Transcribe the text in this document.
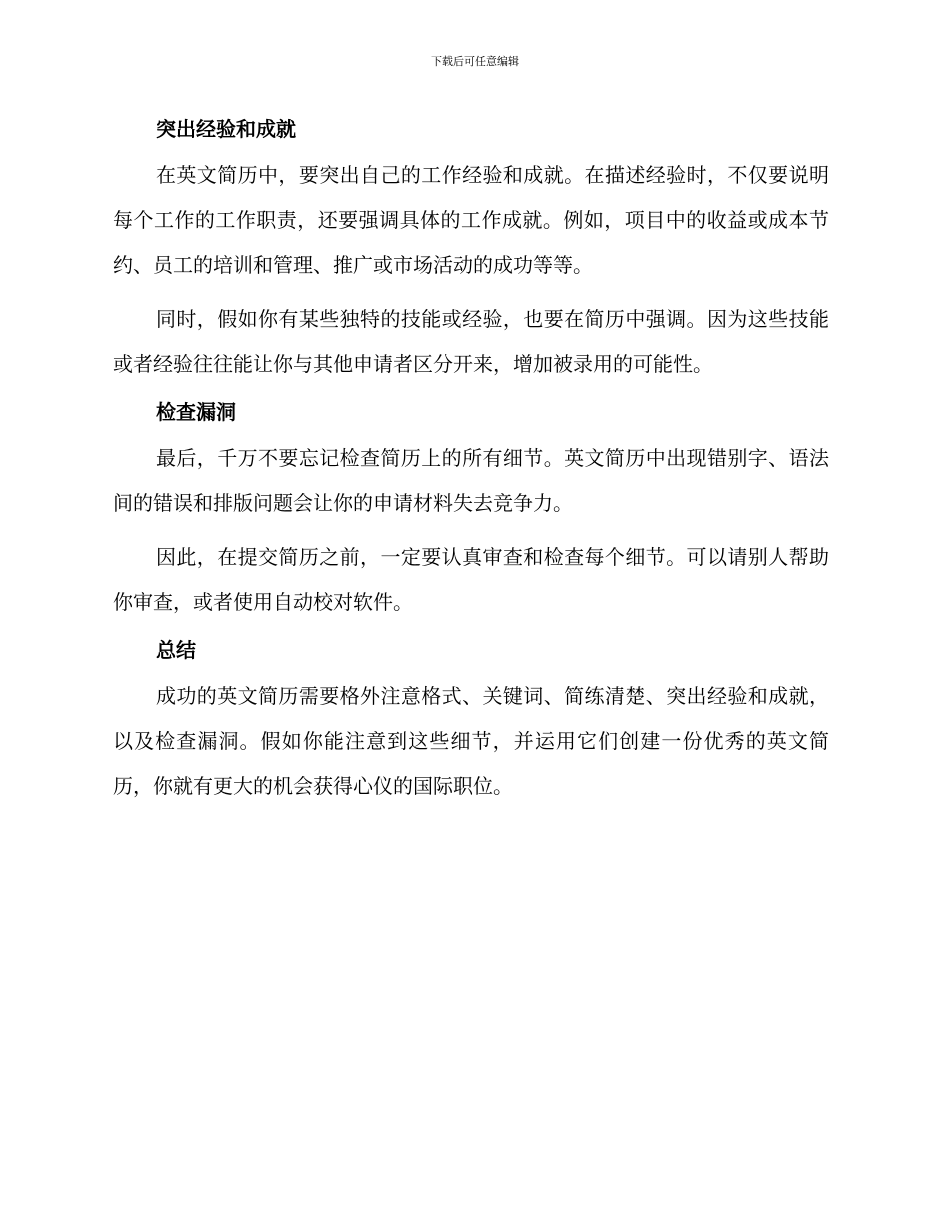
下载后可任意编辑
突出经验和成就

在英文简历中，要突出自己的工作经验和成就。在描述经验时，不仅要说明每个工作的工作职责，还要强调具体的工作成就。例如，项目中的收益或成本节约、员工的培训和管理、推广或市场活动的成功等等。

同时，假如你有某些独特的技能或经验，也要在简历中强调。因为这些技能或者经验往往能让你与其他申请者区分开来，增加被录用的可能性。

检查漏洞

最后，千万不要忘记检查简历上的所有细节。英文简历中出现错别字、语法间的错误和排版问题会让你的申请材料失去竞争力。

因此，在提交简历之前，一定要认真审查和检查每个细节。可以请别人帮助你审查，或者使用自动校对软件。

总结

成功的英文简历需要格外注意格式、关键词、简练清楚、突出经验和成就，以及检查漏洞。假如你能注意到这些细节，并运用它们创建一份优秀的英文简历，你就有更大的机会获得心仪的国际职位。
